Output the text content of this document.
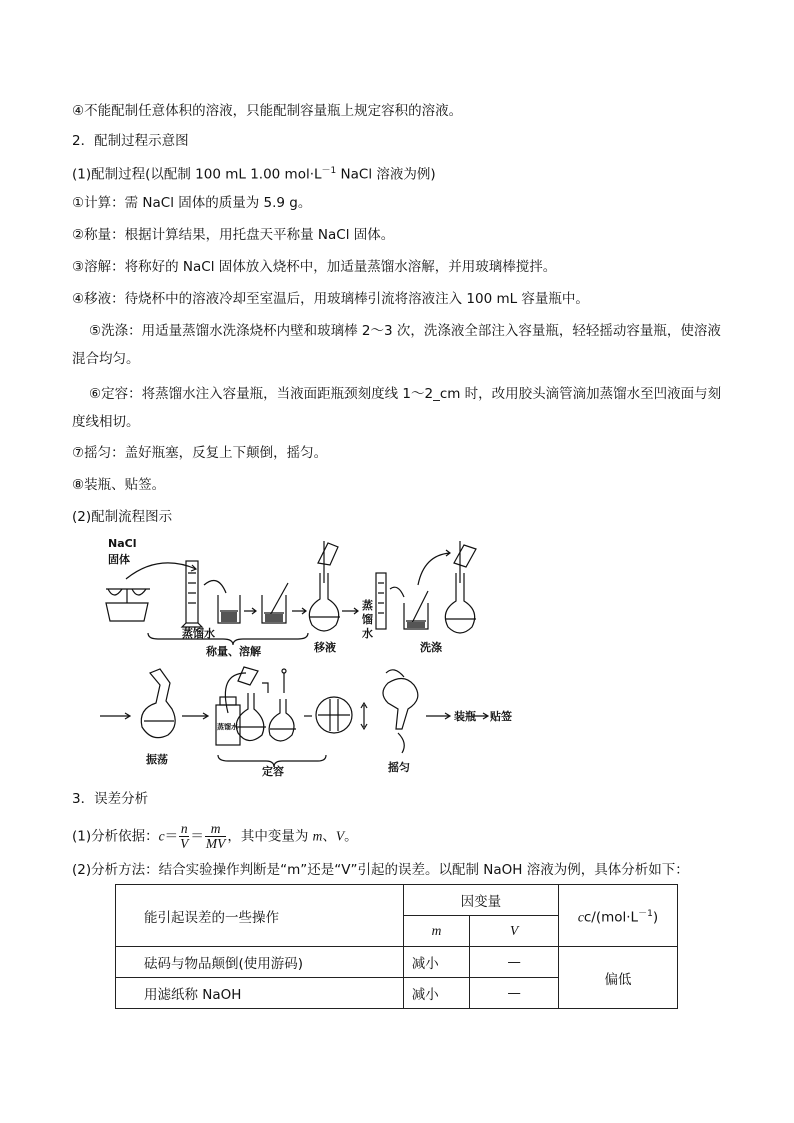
④不能配制任意体积的溶液，只能配制容量瓶上规定容积的溶液。
2．配制过程示意图
(1)配制过程(以配制 100 mL 1.00 $mol\cdot L^{-1}$ NaCl 溶液为例)
①计算：需 NaCl 固体的质量为 5.9 g。
②称量：根据计算结果，用托盘天平称量 NaCl 固体。
③溶解：将称好的 NaCl 固体放入烧杯中，加适量蒸馏水溶解，并用玻璃棒搅拌。
④移液：待烧杯中的溶液冷却至室温后，用玻璃棒引流将溶液注入 100 mL 容量瓶中。
⑤洗涤：用适量蒸馏水洗涤烧杯内壁和玻璃棒 2～3 次，洗涤液全部注入容量瓶，轻轻摇动容量瓶，使溶液混合均匀。
⑥定容：将蒸馏水注入容量瓶，当液面距瓶颈刻度线 1～2_cm 时，改用胶头滴管滴加蒸馏水至凹液面与刻度线相切。
⑦摇匀：盖好瓶塞，反复上下颠倒，摇匀。
⑧装瓶、贴签。
(2)配制流程图示
NaCl
固体
蒸馏水
称量、溶解	移液
蒸
馏
水
洗涤
振荡
蒸馏水
定容	摇匀
装瓶 贴签
3．误差分析
(1)分析依据：$c= \frac{n}{V} = \frac{m}{MV}$ ，其中变量为 m、V。
(2)分析方法：结合实验操作判断是“m”还是“V”引起的误差。以配制 NaOH 溶液为例，具体分析如下：
能引起误差的一些操作	因变量		$cc/(mol\cdot L^{-1})$
	m	V	
砝码与物品颠倒(使用游码)	减小	—	偏低
用滤纸称 NaOH	减小	—	
